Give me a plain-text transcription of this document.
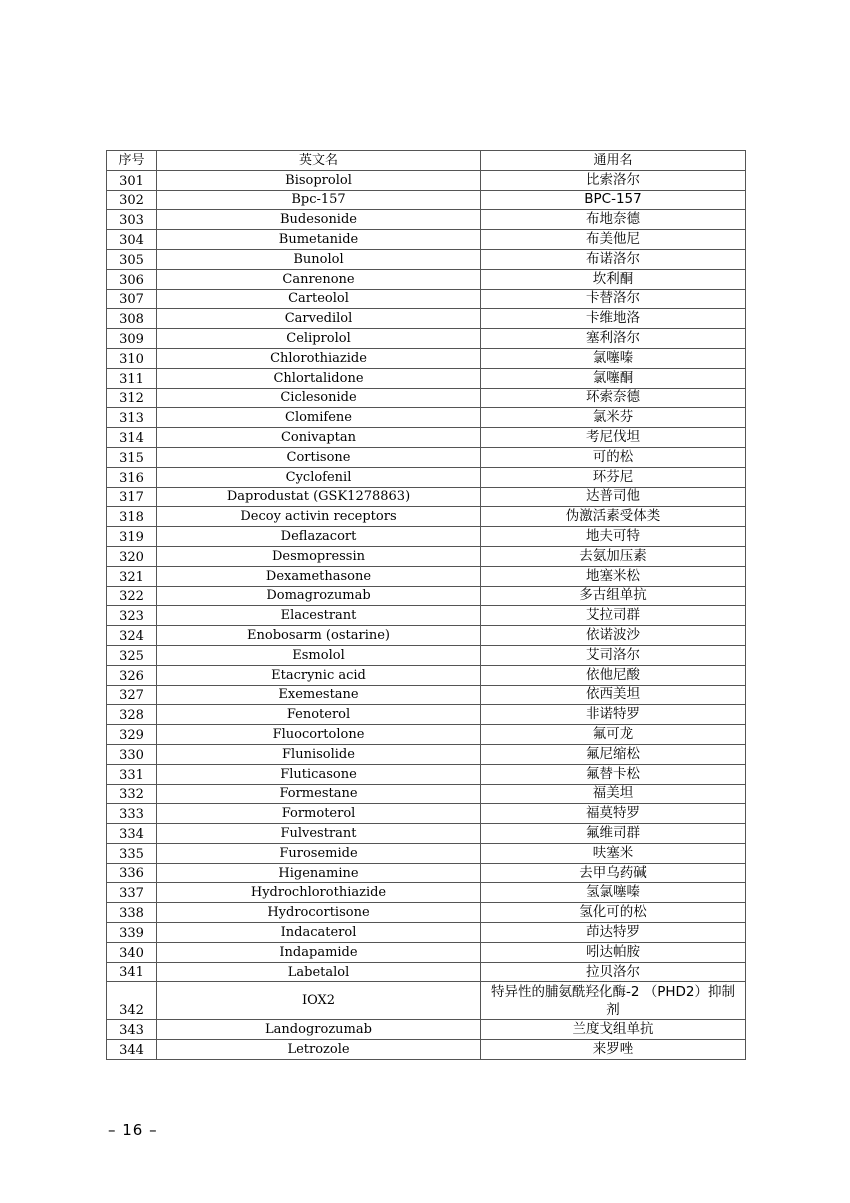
序号	英文名	通用名
301	Bisoprolol	比索洛尔
302	Bpc-157	BPC-157
303	Budesonide	布地奈德
304	Bumetanide	布美他尼
305	Bunolol	布诺洛尔
306	Canrenone	坎利酮
307	Carteolol	卡替洛尔
308	Carvedilol	卡维地洛
309	Celiprolol	塞利洛尔
310	Chlorothiazide	氯噻嗪
311	Chlortalidone	氯噻酮
312	Ciclesonide	环索奈德
313	Clomifene	氯米芬
314	Conivaptan	考尼伐坦
315	Cortisone	可的松
316	Cyclofenil	环芬尼
317	Daprodustat (GSK1278863)	达普司他
318	Decoy activin receptors	伪激活素受体类
319	Deflazacort	地夫可特
320	Desmopressin	去氨加压素
321	Dexamethasone	地塞米松
322	Domagrozumab	多古组单抗
323	Elacestrant	艾拉司群
324	Enobosarm (ostarine)	依诺波沙
325	Esmolol	艾司洛尔
326	Etacrynic acid	依他尼酸
327	Exemestane	依西美坦
328	Fenoterol	非诺特罗
329	Fluocortolone	氟可龙
330	Flunisolide	氟尼缩松
331	Fluticasone	氟替卡松
332	Formestane	福美坦
333	Formoterol	福莫特罗
334	Fulvestrant	氟维司群
335	Furosemide	呋塞米
336	Higenamine	去甲乌药碱
337	Hydrochlorothiazide	氢氯噻嗪
338	Hydrocortisone	氢化可的松
339	Indacaterol	茚达特罗
340	Indapamide	吲达帕胺
341	Labetalol	拉贝洛尔
342	IOX2	特异性的脯氨酰羟化酶-2 （PHD2）抑制剂
343	Landogrozumab	兰度戈组单抗
344	Letrozole	来罗唑
– 16 –
